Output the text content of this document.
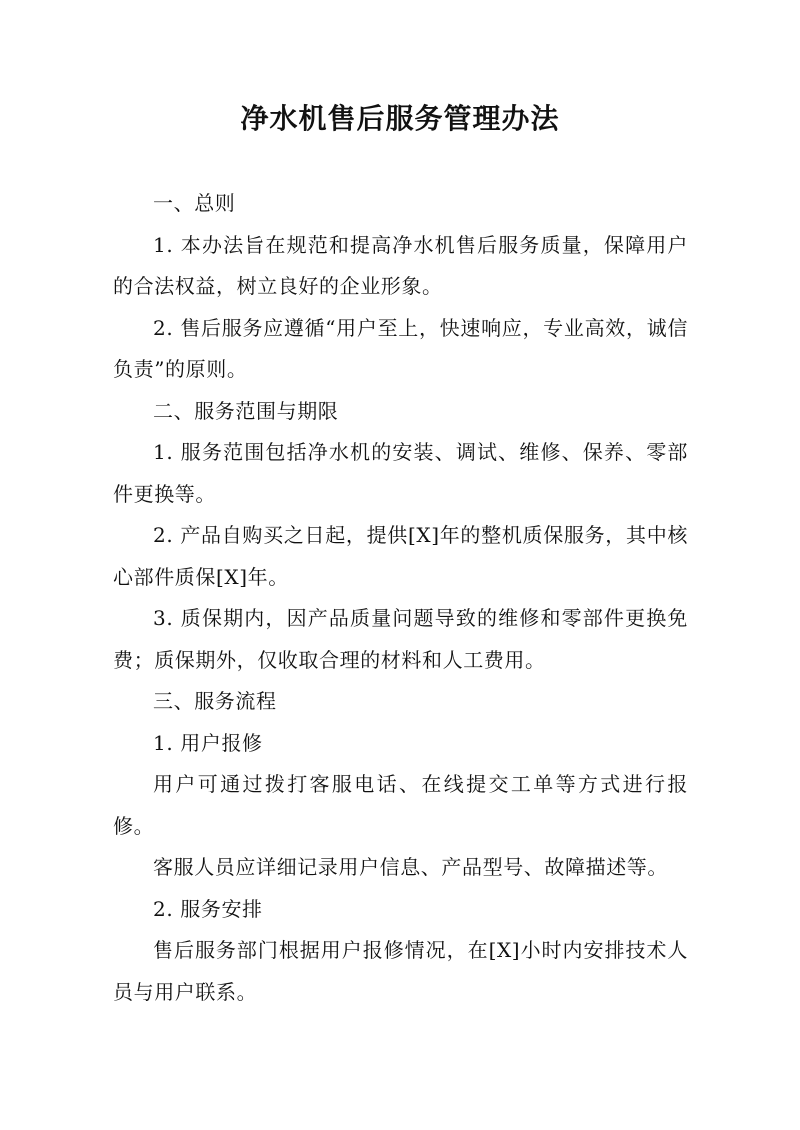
净水机售后服务管理办法

一、总则

1. 本办法旨在规范和提高净水机售后服务质量，保障用户的合法权益，树立良好的企业形象。

2. 售后服务应遵循“用户至上，快速响应，专业高效，诚信负责”的原则。

二、服务范围与期限

1. 服务范围包括净水机的安装、调试、维修、保养、零部件更换等。

2. 产品自购买之日起，提供[X]年的整机质保服务，其中核心部件质保[X]年。

3. 质保期内，因产品质量问题导致的维修和零部件更换免费；质保期外，仅收取合理的材料和人工费用。

三、服务流程

1. 用户报修

用户可通过拨打客服电话、在线提交工单等方式进行报修。

客服人员应详细记录用户信息、产品型号、故障描述等。

2. 服务安排

售后服务部门根据用户报修情况，在[X]小时内安排技术人员与用户联系。
